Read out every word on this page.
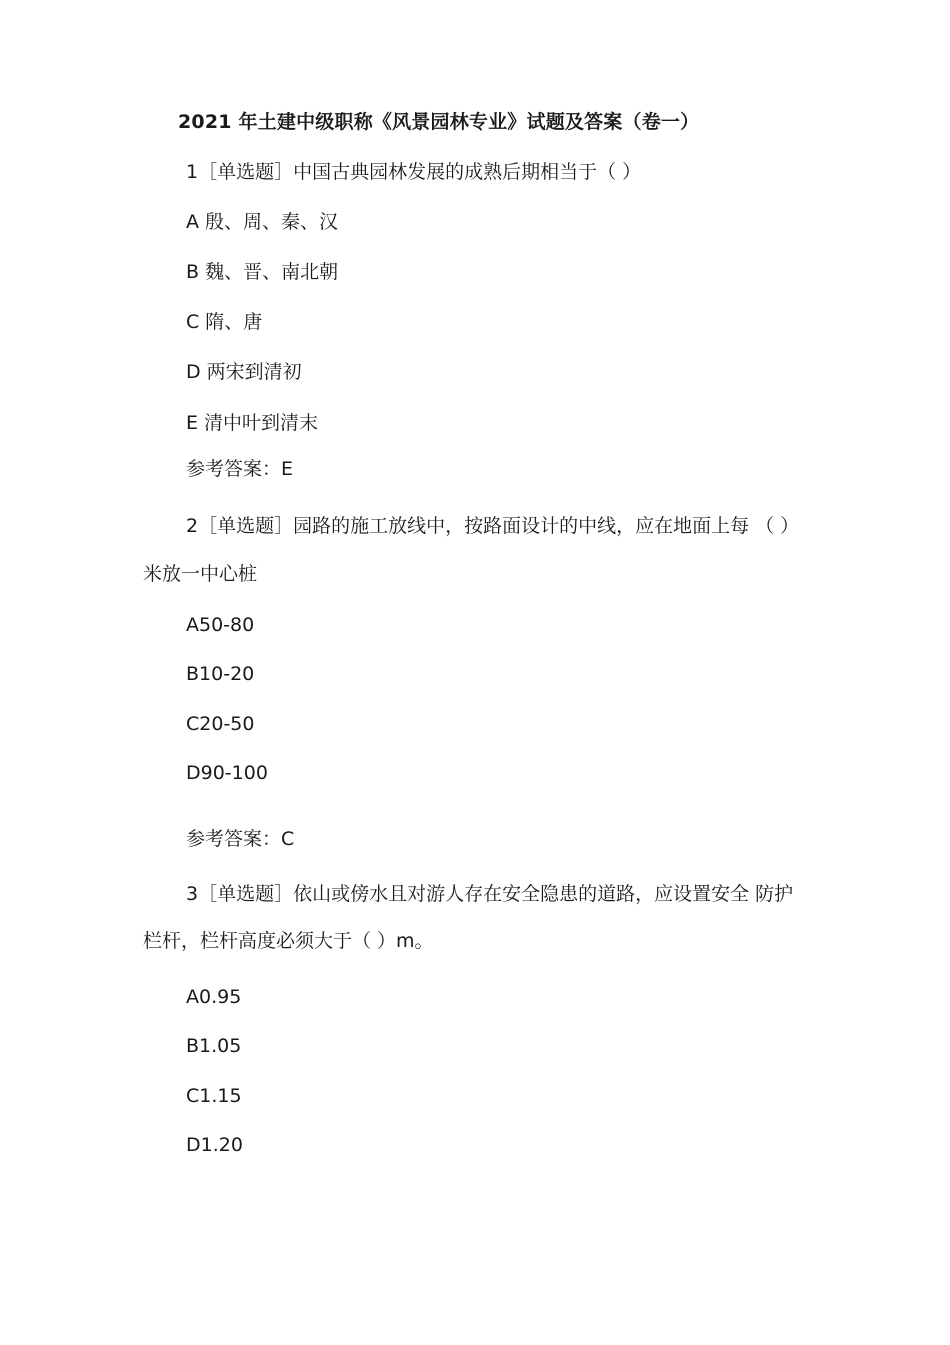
2021 年土建中级职称《风景园林专业》试题及答案（卷一）
1［单选题］中国古典园林发展的成熟后期相当于（ ）
A 殷、周、秦、汉
B 魏、晋、南北朝
C 隋、唐
D 两宋到清初
E 清中叶到清末
参考答案：E
2［单选题］园路的施工放线中，按路面设计的中线，应在地面上每 （ ）
米放一中心桩
A50-80
B10-20
C20-50
D90-100
参考答案：C
3［单选题］依山或傍水且对游人存在安全隐患的道路，应设置安全 防护
栏杆，栏杆高度必须大于（ ）m。
A0.95
B1.05
C1.15
D1.20
